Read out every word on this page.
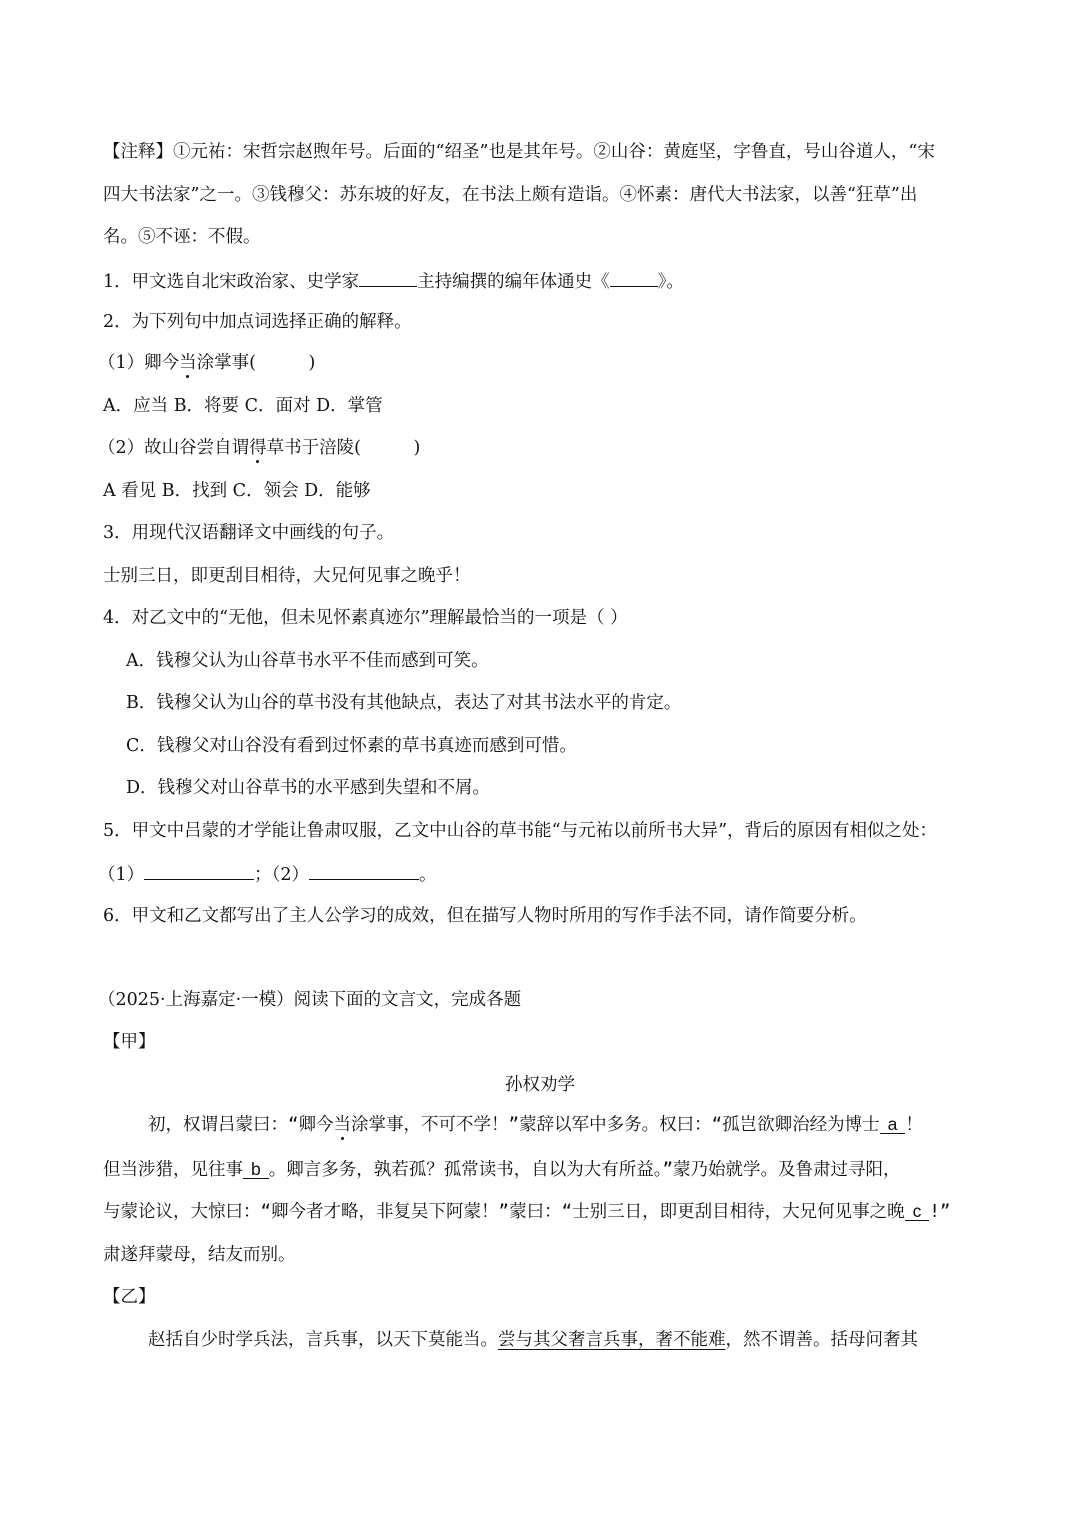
【注释】①元祐：宋哲宗赵煦年号。后面的“绍圣”也是其年号。②山谷：黄庭坚，字鲁直，号山谷道人，“宋
四大书法家”之一。③钱穆父：苏东坡的好友，在书法上颇有造诣。④怀素：唐代大书法家，以善“狂草”出
名。⑤不诬：不假。
1．甲文选自北宋政治家、史学家	主持编撰的编年体通史《	》。
2．为下列句中加点词选择正确的解释。
（1）卿今当涂掌事(　　　)
A．应当 B．将要 C．面对 D．掌管
（2）故山谷尝自谓得草书于涪陵(　　　)
A 看见 B．找到 C．领会 D．能够
3．用现代汉语翻译文中画线的句子。
士别三日，即更刮目相待，大兄何见事之晚乎！
4．对乙文中的“无他，但未见怀素真迹尔”理解最恰当的一项是（ ）
A．钱穆父认为山谷草书水平不佳而感到可笑。
B．钱穆父认为山谷的草书没有其他缺点，表达了对其书法水平的肯定。
C．钱穆父对山谷没有看到过怀素的草书真迹而感到可惜。
D．钱穆父对山谷草书的水平感到失望和不屑。
5．甲文中吕蒙的才学能让鲁肃叹服，乙文中山谷的草书能“与元祐以前所书大异”，背后的原因有相似之处：
（1）	；（2）	。
6．甲文和乙文都写出了主人公学习的成效，但在描写人物时所用的写作手法不同，请作简要分析。
（2025·上海嘉定·一模）阅读下面的文言文，完成各题
【甲】
孙权劝学
初，权谓吕蒙曰：“卿今当涂掌事，不可不学！”蒙辞以军中多务。权曰：“孤岂欲卿治经为博士 a ！
但当涉猎，见往事 b 。卿言多务，孰若孤？孤常读书，自以为大有所益。”蒙乃始就学。及鲁肃过寻阳，
与蒙论议，大惊曰：“卿今者才略，非复吴下阿蒙！”蒙曰：“士别三日，即更刮目相待，大兄何见事之晚 c !”
肃遂拜蒙母，结友而别。
【乙】
赵括自少时学兵法，言兵事，以天下莫能当。尝与其父奢言兵事，奢不能难，然不谓善。括母问奢其
